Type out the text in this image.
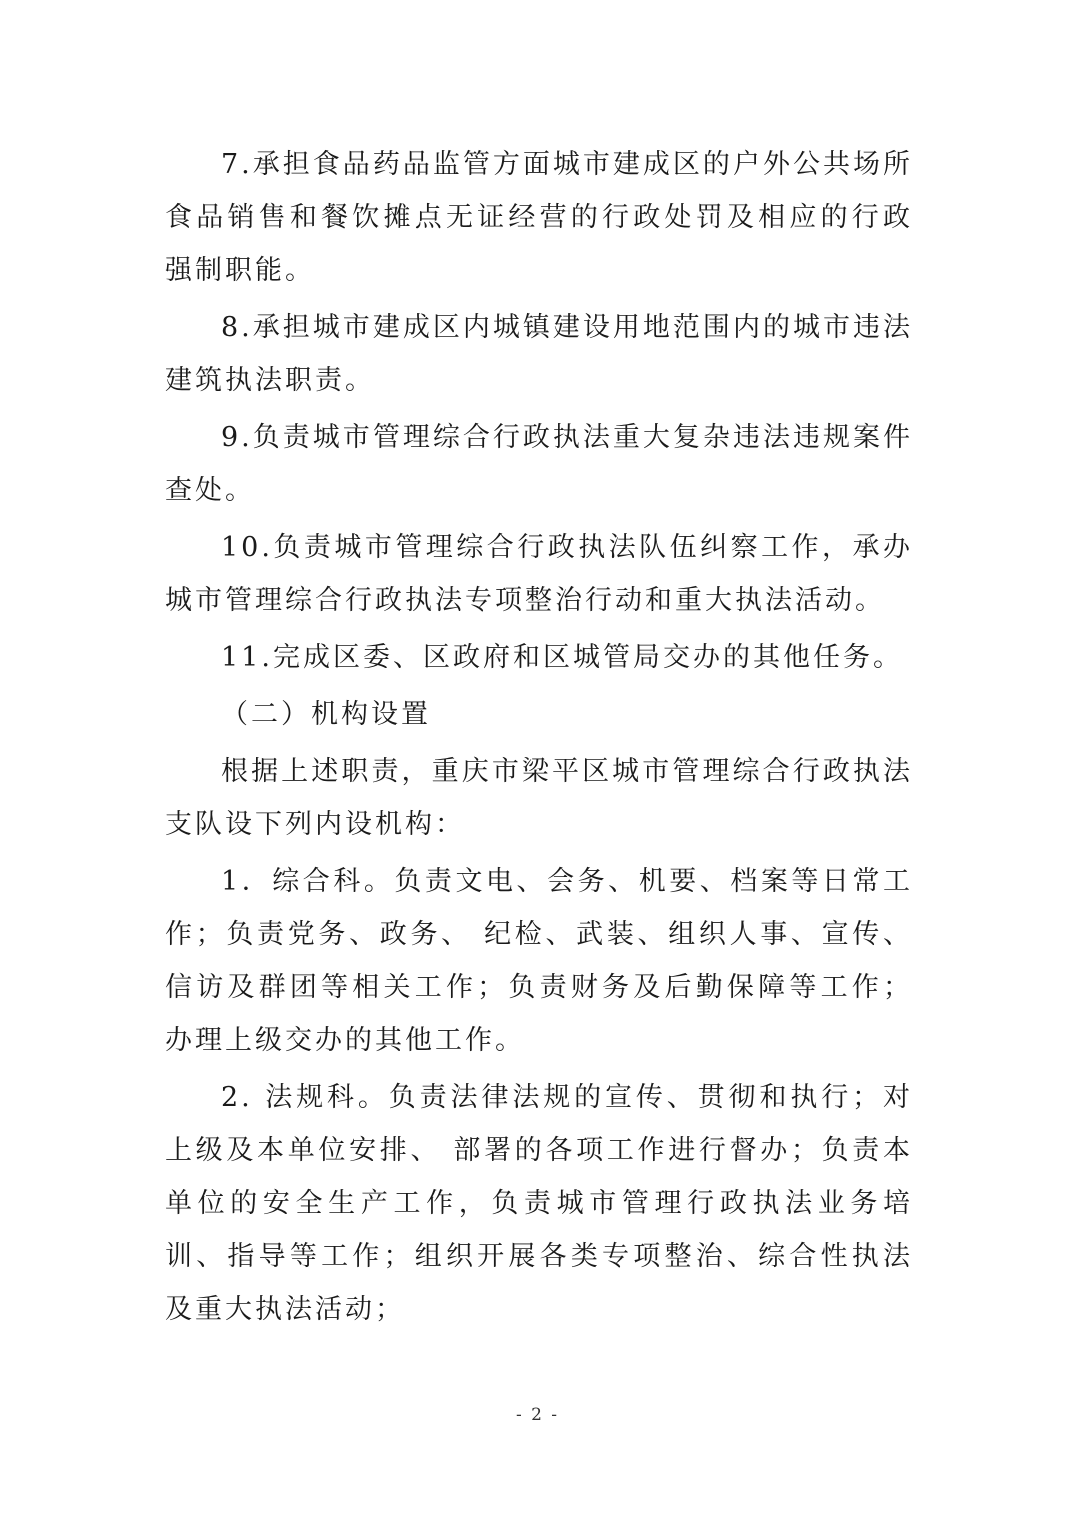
7.承担食品药品监管方面城市建成区的户外公共场所食品销售和餐饮摊点无证经营的行政处罚及相应的行政强制职能。

8.承担城市建成区内城镇建设用地范围内的城市违法建筑执法职责。

9.负责城市管理综合行政执法重大复杂违法违规案件查处。

10.负责城市管理综合行政执法队伍纠察工作，承办城市管理综合行政执法专项整治行动和重大执法活动。

11.完成区委、区政府和区城管局交办的其他任务。

（二）机构设置

根据上述职责，重庆市梁平区城市管理综合行政执法支队设下列内设机构：

1．综合科。负责文电、会务、机要、档案等日常工作；负责党务、政务、 纪检、武装、组织人事、宣传、信访及群团等相关工作；负责财务及后勤保障等工作；办理上级交办的其他工作。

2. 法规科。负责法律法规的宣传、贯彻和执行；对上级及本单位安排、 部署的各项工作进行督办；负责本单位的安全生产工作，负责城市管理行政执法业务培训、指导等工作；组织开展各类专项整治、综合性执法及重大执法活动；

- 2 -
